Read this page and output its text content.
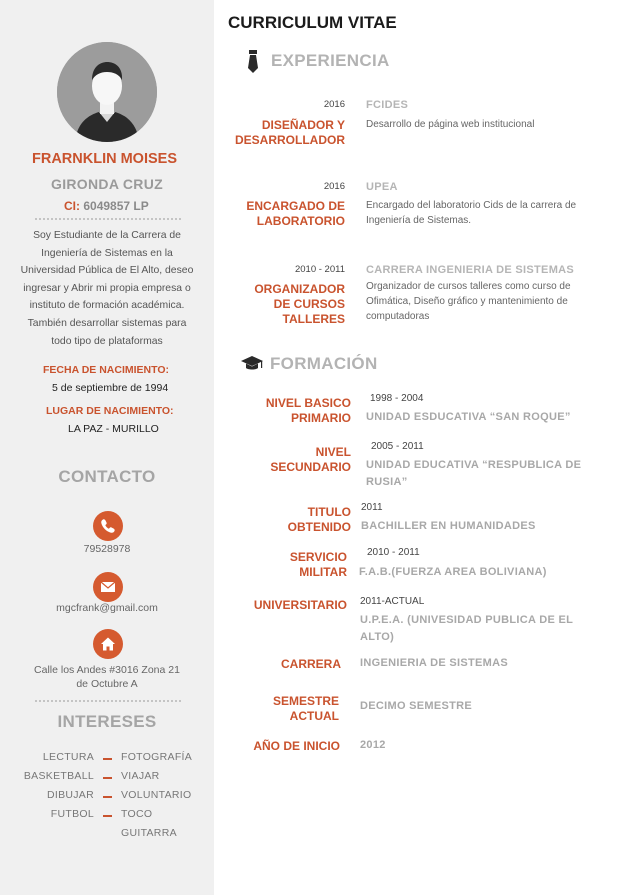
FRARNKLIN MOISES
GIRONDA CRUZ
CI: 6049857 LP
Soy Estudiante de la Carrera de Ingeniería de Sistemas en la Universidad Pública de El Alto, deseo ingresar y Abrir mi propia empresa o instituto de formación académica. También desarrollar sistemas para todo tipo de plataformas
FECHA DE NACIMIENTO:
5 de septiembre de 1994
LUGAR DE NACIMIENTO:
LA PAZ - MURILLO
CONTACTO
79528978
mgcfrank@gmail.com
Calle los Andes #3016 Zona 21 de Octubre A
INTERESES
LECTURA
BASKETBALL
DIBUJAR
FUTBOL
FOTOGRAFÍA
VIAJAR
VOLUNTARIO
TOCO
GUITARRA
CURRICULUM VITAE
EXPERIENCIA
2016
DISEÑADOR Y DESARROLLADOR
FCIDES
Desarrollo de página web institucional
2016
ENCARGADO DE LABORATORIO
UPEA
Encargado del laboratorio Cids de la carrera de Ingeniería de Sistemas.
2010 - 2011
ORGANIZADOR DE CURSOS TALLERES
CARRERA INGENIERIA DE SISTEMAS
Organizador de cursos talleres como curso de Ofimática, Diseño gráfico y mantenimiento de computadoras
FORMACIÓN
NIVEL BASICO PRIMARIO
1998 - 2004
UNIDAD ESDUCATIVA “SAN ROQUE”
NIVEL SECUNDARIO
2005 - 2011
UNIDAD EDUCATIVA “RESPUBLICA DE RUSIA”
TITULO OBTENIDO
2011
BACHILLER EN HUMANIDADES
SERVICIO MILITAR
2010 - 2011
F.A.B.(FUERZA AREA BOLIVIANA)
UNIVERSITARIO 2011-ACTUAL
U.P.E.A. (UNIVESIDAD PUBLICA DE EL ALTO)
CARRERA INGENIERIA DE SISTEMAS
SEMESTRE ACTUAL
DECIMO SEMESTRE
AÑO DE INICIO 2012
